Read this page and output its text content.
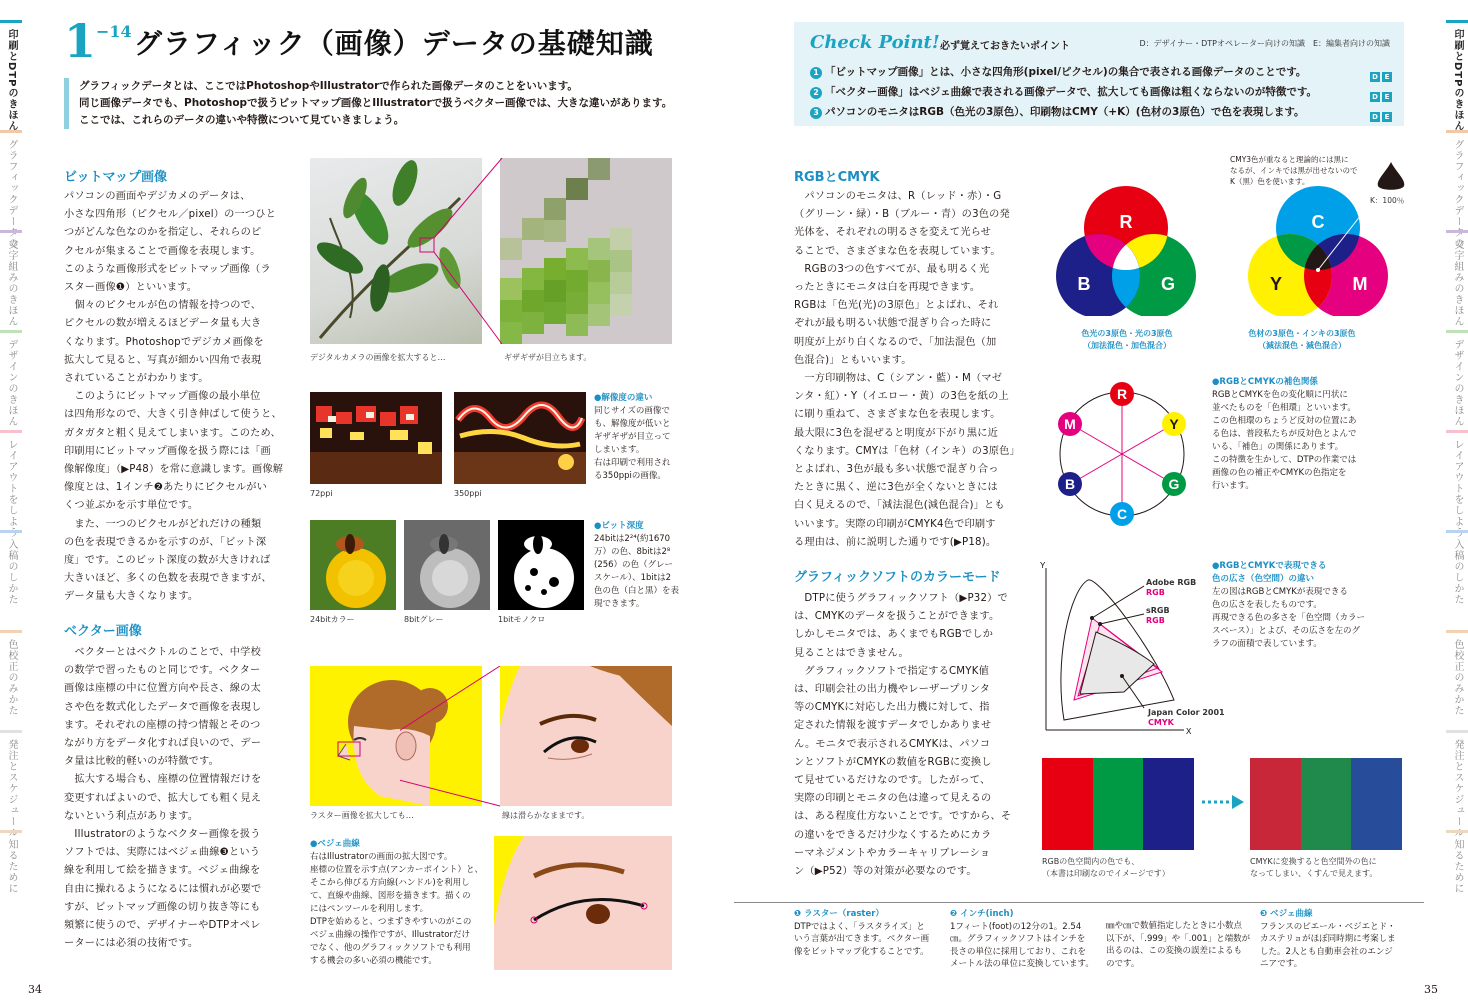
印刷とDTPのきほん
グラフィックデータの
文字組みのきほん
デザインのきほん
レイアウトをしよう
入稿のしかた
色校正のみかた
発注とスケジュール
知るために
1 −14 グラフィック（画像）データの基礎知識
グラフィックデータとは、ここではPhotoshopやIllustratorで作られた画像データのことをいいます。
同じ画像データでも、Photoshopで扱うビットマップ画像とIllustratorで扱うベクター画像では、大きな違いがあります。
ここでは、これらのデータの違いや特徴について見ていきましょう。
ビットマップ画像
パソコンの画面やデジカメのデータは、
小さな四角形（ピクセル／pixel）の一つひと
つがどんな色なのかを指定し、それらのピ
クセルが集まることで画像を表現します。
このような画像形式をビットマップ画像（ラ
スター画像❶）といいます。
　個々のピクセルが色の情報を持つので、
ピクセルの数が増えるほどデータ量も大き
くなります。Photoshopでデジカメ画像を
拡大して見ると、写真が細かい四角で表現
されていることがわかります。
　このようにビットマップ画像の最小単位
は四角形なので、大きく引き伸ばして使うと、
ガタガタと粗く見えてしまいます。このため、
印刷用にビットマップ画像を扱う際には「画
像解像度」（▶P48）を常に意識します。画像解
像度とは、1インチ❷あたりにピクセルがい
くつ並ぶかを示す単位です。
　また、一つのピクセルがどれだけの種類
の色を表現できるかを示すのが、「ビット深
度」です。このビット深度の数が大きければ
大きいほど、多くの色数を表現できますが、
データ量も大きくなります。
ベクター画像
　ベクターとはベクトルのことで、中学校
の数学で習ったものと同じです。ベクター
画像は座標の中に位置方向や長さ、線の太
さや色を数式化したデータで画像を表現し
ます。それぞれの座標の持つ情報とそのつ
ながり方をデータ化すれば良いので、デー
タ量は比較的軽いのが特徴です。
　拡大する場合も、座標の位置情報だけを
変更すればよいので、拡大しても粗く見え
ないという利点があります。
　Illustratorのようなベクター画像を扱う
ソフトでは、実際にはベジェ曲線❸という
線を利用して絵を描きます。ベジェ曲線を
自由に操れるようになるには慣れが必要で
すが、ビットマップ画像の切り抜き等にも
頻繁に使うので、デザイナーやDTPオペレ
ーターには必須の技術です。
デジタルカメラの画像を拡大すると…	ギザギザが目立ちます。
72ppi	350ppi
●解像度の違い
同じサイズの画像で
も、解像度が低いと
ギザギザが目立って
しまいます。
右は印刷で利用され
る350ppiの画像。
24bitカラー	8bitグレー	1bitモノクロ
●ビット深度
24bitは2²⁴(約1670
万）の色、8bitは2⁸
(256）の色（グレー
スケール）、1bitは2
色の色（白と黒）を表
現できます。
ラスター画像を拡大しても…	線は滑らかなままです。
●ベジェ曲線
右はIllustratorの画面の拡大図です。
座標の位置を示す点(アンカーポイント）と、
そこから伸びる方向線(ハンドル)を利用し
て、直線や曲線、図形を描きます。描くの
にはペンツールを利用します。
DTPを始めると、つまずきやすいのがこの
ベジェ曲線の操作ですが、Illustratorだけ
でなく、他のグラフィックソフトでも利用
する機会の多い必須の機能です。
34
印刷とDTPのきほん
グラフィックデータの
文字組みのきほん
デザインのきほん
レイアウトをしよう
入稿のしかた
色校正のみかた
発注とスケジュール
知るために
Check Point! 必ず覚えておきたいポイント	D：デザイナー・DTPオペレーター向けの知識　E：編集者向けの知識
1 「ビットマップ画像」とは、小さな四角形(pixel/ピクセル)の集合で表される画像データのことです。
2 「ベクター画像」はベジェ曲線で表される画像データで、拡大しても画像は粗くならないのが特徴です。
3 パソコンのモニタはRGB（色光の3原色）、印刷物はCMY（+K）(色材の3原色）で色を表現します。
D E
D E
D E
RGBとCMYK
　パソコンのモニタは、R（レッド・赤）・G
（グリーン・緑）・B（ブルー・青）の3色の発
光体を、それぞれの明るさを変えて光らせ
ることで、さまざまな色を表現しています。
　RGBの3つの色すべてが、最も明るく光
ったときにモニタは白を再現できます。
RGBは「色光(光)の3原色」とよばれ、それ
ぞれが最も明るい状態で混ぎり合った時に
明度が上がり白くなるので、「加法混色（加
色混合)」ともいいます。
　一方印刷物は、C（シアン・藍）・M（マゼ
ンタ・紅）・Y（イエロー・黄）の3色を紙の上
に刷り重ねて、さまざまな色を表現します。
最大限に3色を混ぜると明度が下がり黒に近
くなります。CMYは「色材（インキ）の3原色」
とよばれ、3色が最も多い状態で混ぎり合っ
たときに黒く、逆に3色が全くないときには
白く見えるので、「減法混色(減色混合)」とも
いいます。実際の印刷がCMYK4色で印刷す
る理由は、前に説明した通りです(▶P18)。
グラフィックソフトのカラーモード
　DTPに使うグラフィックソフト（▶P32）で
は、CMYKのデータを扱うことができます。
しかしモニタでは、あくまでもRGBでしか
見ることはできません。
　グラフィックソフトで指定するCMYK値
は、印刷会社の出力機やレーザープリンタ
等のCMYKに対応した出力機に対して、指
定された情報を渡すデータでしかありませ
ん。モニタで表示されるCMYKは、パソコ
ンとソフトがCMYKの数値をRGBに変換し
て見せているだけなのです。したがって、
実際の印刷とモニタの色は違って見えるの
は、ある程度仕方ないことです。ですから、そ
の違いをできるだけ少なくするためにカラ
ーマネジメントやカラーキャリブレーショ
ン（▶P52）等の対策が必要なのです。
R
B	G
色光の3原色・光の3原色
（加法混色・加色混合）
C
Y	M
色材の3原色・インキの3原色
（減法混色・減色混合）
CMY3色が重なると理論的には黒に
なるが、インキでは黒が出せないので
K（黒）色を使います。
K：100％
R
Y
G
C
B
M
●RGBとCMYKの補色関係
RGBとCMYKを色の変化順に円状に
並べたものを「色相環」といいます。
この色相環のちょうど反対の位置にあ
る色は、普段私たちが反対色とよんで
いる、「補色」の関係にあります。
この特徴を生かして、DTPの作業では
画像の色の補正やCMYKの色指定を
行います。
Y
X
Adobe RGB
RGB
sRGB
RGB
Japan Color 2001
CMYK
●RGBとCMYKで表現できる
色の広さ（色空間）の違い
左の図はRGBとCMYKが表現できる
色の広さを表したものです。
再現できる色の多さを「色空間（カラー
スペース）」とよび、その広さを左のグ
ラフの面積で表しています。
RGBの色空間内の色でも、
（本書は印刷なのでイメージです）
CMYKに変換すると色空間外の色に
なってしまい、くすんで見えます。
❶ ラスター（raster）
DTPではよく、「ラスタライズ」と
いう言葉が出てきます。ベクター画
像をビットマップ化することです。
❷ インチ(inch)
1フィート(foot)の12分の1。2.54
㎝。グラフィックソフトはインチを
長さの単位に採用しており、これを
メートル法の単位に変換しています。
㎜や㎝で数値指定したときに小数点
以下が、「.999」や「.001」と端数が
出るのは、この変換の誤差によるも
のです。
❸ ベジェ曲線
フランスのピエール・ベジエとド・
カステリョがほぼ同時期に考案しま
した。2人とも自動車会社のエンジ
ニアです。
35
